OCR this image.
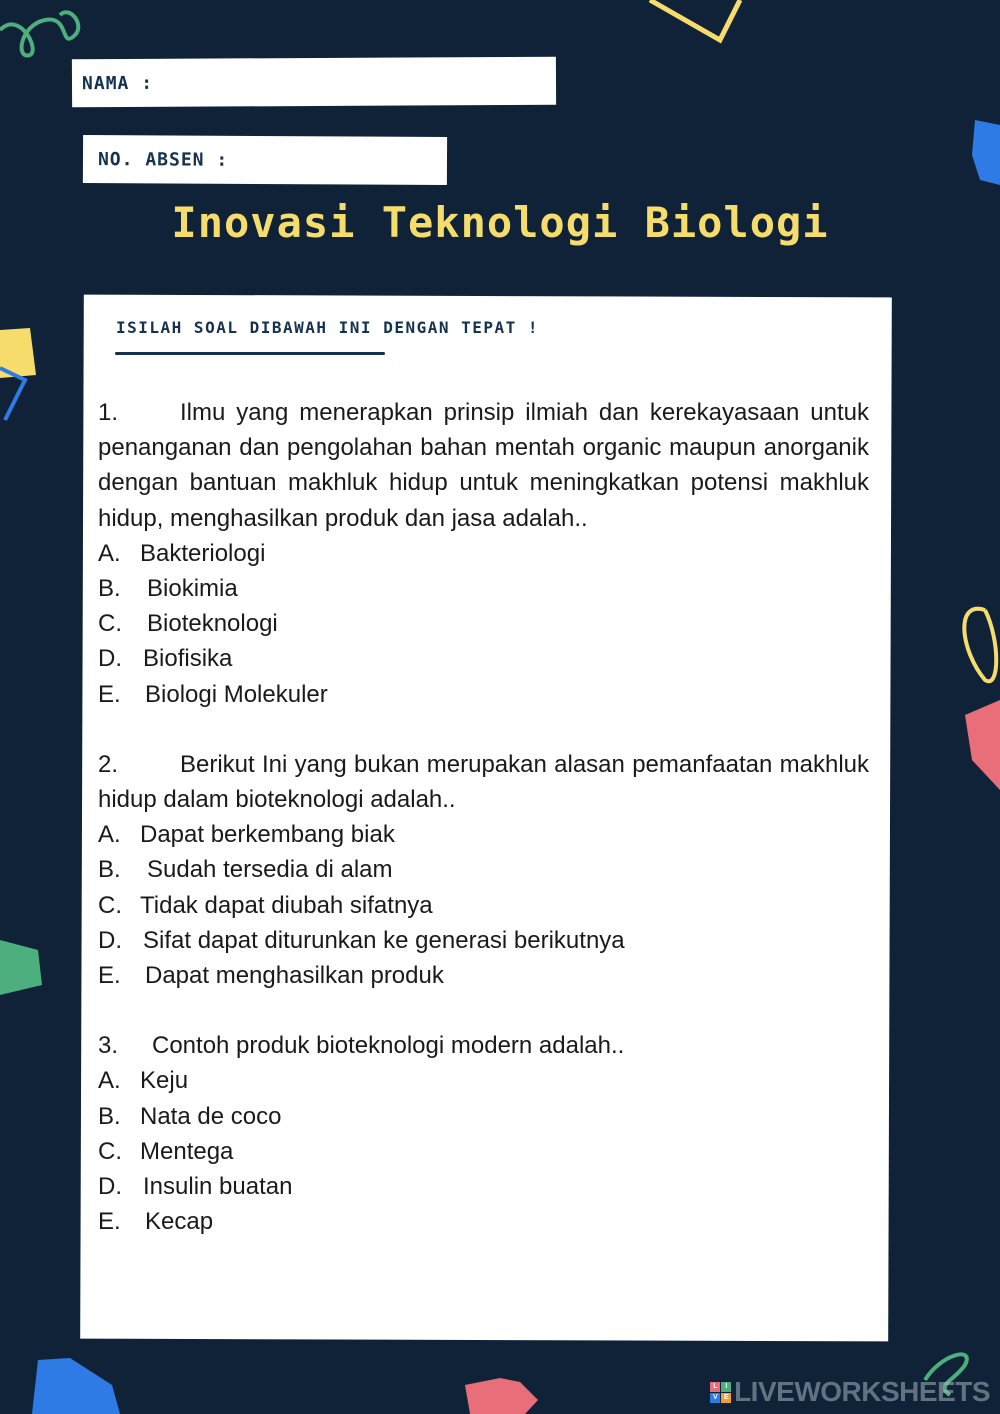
NAMA :
NO. ABSEN :
Inovasi Teknologi Biologi
ISILAH SOAL DIBAWAH INI DENGAN TEPAT !

1.	Ilmu yang menerapkan prinsip ilmiah dan kerekayasaan untuk penanganan dan pengolahan bahan mentah organic maupun anorganik dengan bantuan makhluk hidup untuk meningkatkan potensi makhluk hidup, menghasilkan produk dan jasa adalah..

A. Bakteriologi
B.	Biokimia
C.	Bioteknologi
D. Biofisika
E.	Biologi Molekuler

2.	Berikut Ini yang bukan merupakan alasan pemanfaatan makhluk hidup dalam bioteknologi adalah..

A. Dapat berkembang biak
B.	Sudah tersedia di alam
C. Tidak dapat diubah sifatnya
D. Sifat dapat diturunkan ke generasi berikutnya
E.	Dapat menghasilkan produk

3. Contoh produk bioteknologi modern adalah..

A. Keju
B. Nata de coco
C. Mentega
D. Insulin buatan
E.	Kecap
L	I
V E LIVEWORKSHEETS
